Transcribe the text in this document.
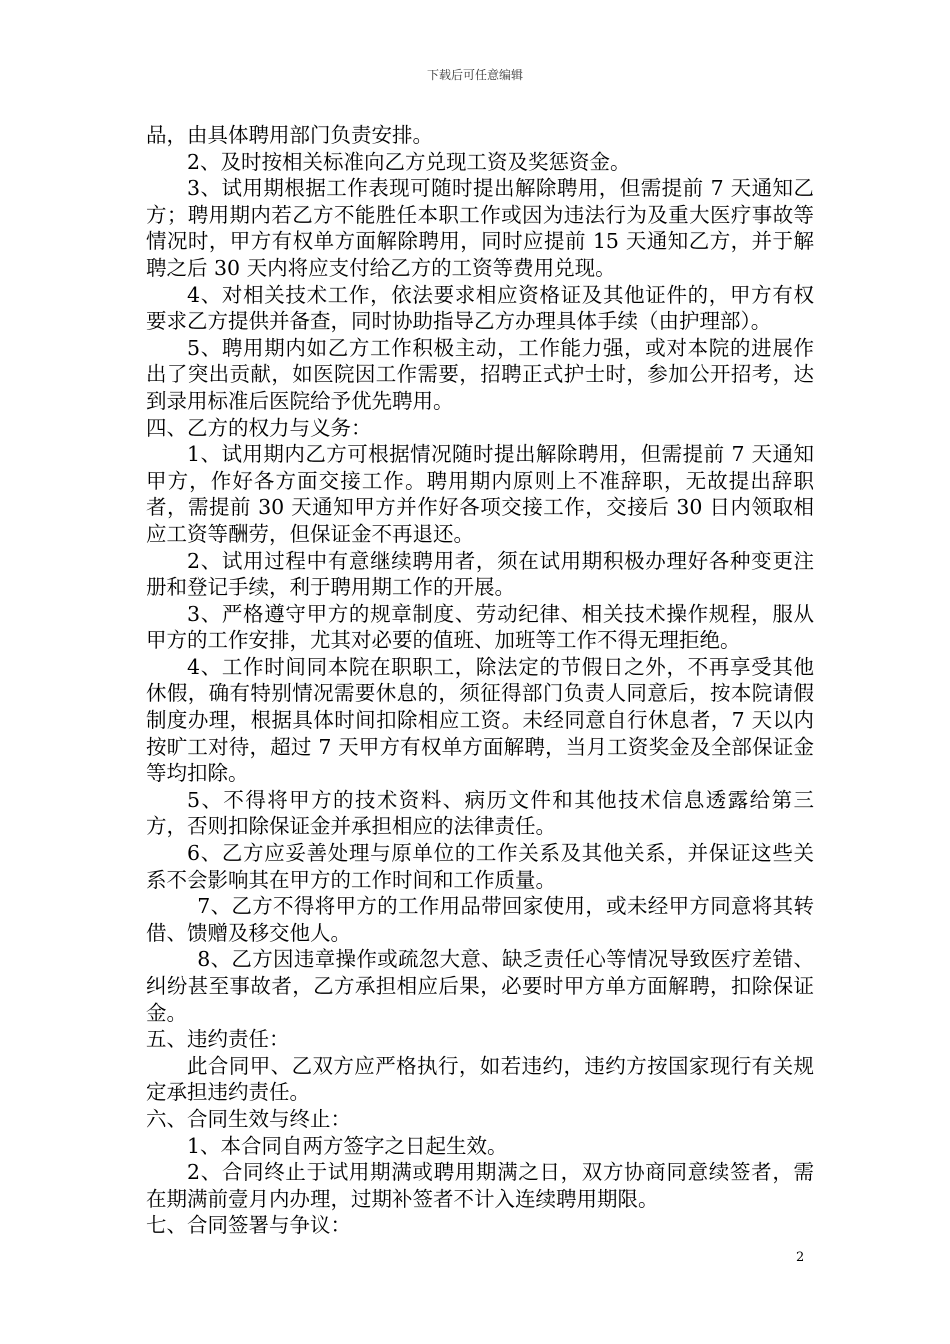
下载后可任意编辑

品，由具体聘用部门负责安排。

2、及时按相关标准向乙方兑现工资及奖惩资金。

3、试用期根据工作表现可随时提出解除聘用，但需提前 7 天通知乙方；聘用期内若乙方不能胜任本职工作或因为违法行为及重大医疗事故等情况时，甲方有权单方面解除聘用，同时应提前 15 天通知乙方，并于解聘之后 30 天内将应支付给乙方的工资等费用兑现。

4、对相关技术工作，依法要求相应资格证及其他证件的，甲方有权要求乙方提供并备查，同时协助指导乙方办理具体手续（由护理部）。

5、聘用期内如乙方工作积极主动，工作能力强，或对本院的进展作出了突出贡献，如医院因工作需要，招聘正式护士时，参加公开招考，达到录用标准后医院给予优先聘用。

四、乙方的权力与义务：

1、试用期内乙方可根据情况随时提出解除聘用，但需提前 7 天通知甲方，作好各方面交接工作。聘用期内原则上不准辞职，无故提出辞职者，需提前 30 天通知甲方并作好各项交接工作，交接后 30 日内领取相应工资等酬劳，但保证金不再退还。

2、试用过程中有意继续聘用者，须在试用期积极办理好各种变更注册和登记手续，利于聘用期工作的开展。

3、严格遵守甲方的规章制度、劳动纪律、相关技术操作规程，服从甲方的工作安排，尤其对必要的值班、加班等工作不得无理拒绝。

4、工作时间同本院在职职工，除法定的节假日之外，不再享受其他休假，确有特别情况需要休息的，须征得部门负责人同意后，按本院请假制度办理，根据具体时间扣除相应工资。未经同意自行休息者，7 天以内按旷工对待，超过 7 天甲方有权单方面解聘，当月工资奖金及全部保证金等均扣除。

5、不得将甲方的技术资料、病历文件和其他技术信息透露给第三方，否则扣除保证金并承担相应的法律责任。

6、乙方应妥善处理与原单位的工作关系及其他关系，并保证这些关系不会影响其在甲方的工作时间和工作质量。

7、乙方不得将甲方的工作用品带回家使用，或未经甲方同意将其转借、馈赠及移交他人。

8、乙方因违章操作或疏忽大意、缺乏责任心等情况导致医疗差错、纠纷甚至事故者，乙方承担相应后果，必要时甲方单方面解聘，扣除保证金。

五、违约责任：

此合同甲、乙双方应严格执行，如若违约，违约方按国家现行有关规定承担违约责任。

六、合同生效与终止：

1、本合同自两方签字之日起生效。

2、合同终止于试用期满或聘用期满之日，双方协商同意续签者，需在期满前壹月内办理，过期补签者不计入连续聘用期限。

七、合同签署与争议：

2
